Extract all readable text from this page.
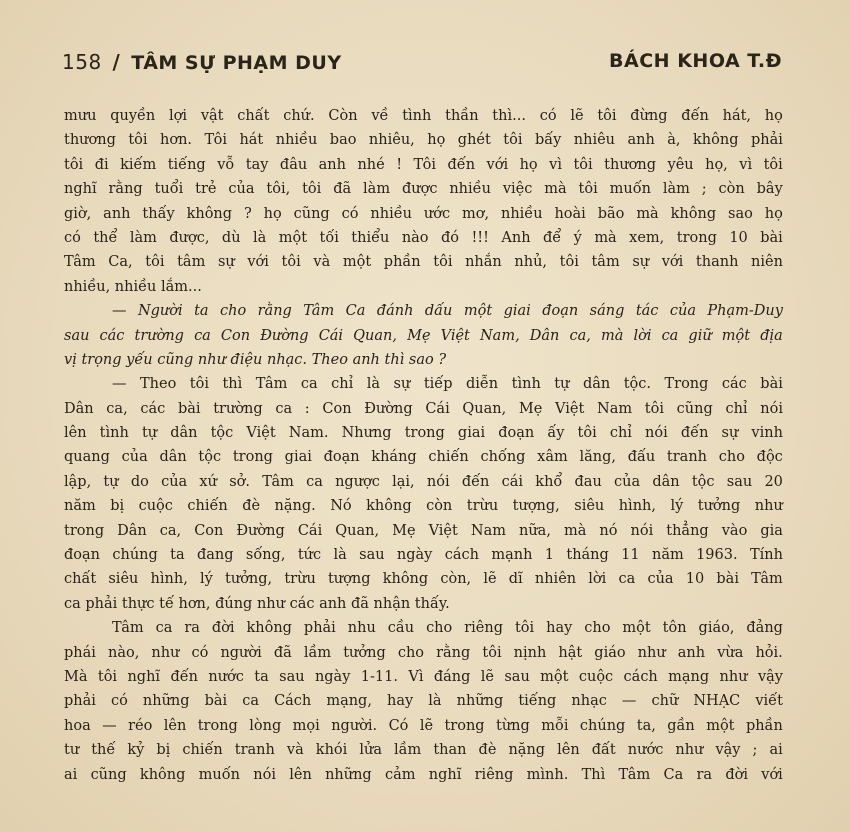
158 / TÂM SỰ PHẠM DUY	BÁCH KHOA T.Đ
mưu quyền lợi vật chất chứ. Còn về tình thần thì... có lẽ tôi đừng đến hát, họ
thương tôi hơn. Tôi hát nhiều bao nhiêu, họ ghét tôi bấy nhiêu anh à, không phải
tôi đi kiếm tiếng vỗ tay đâu anh nhé ! Tôi đến với họ vì tôi thương yêu họ, vì tôi
nghĩ rằng tuổi trẻ của tôi, tôi đã làm được nhiều việc mà tôi muốn làm ; còn bây
giờ, anh thấy không ? họ cũng có nhiều ước mơ, nhiều hoài bão mà không sao họ
có thể làm được, dù là một tối thiểu nào đó !!! Anh để ý mà xem, trong 10 bài
Tâm Ca, tôi tâm sự với tôi và một phần tôi nhắn nhủ, tôi tâm sự với thanh niên
nhiều, nhiều lắm...
— Người ta cho rằng Tâm Ca đánh dấu một giai đoạn sáng tác của Phạm-Duy
sau các trường ca Con Đường Cái Quan, Mẹ Việt Nam, Dân ca, mà lời ca giữ một địa
vị trọng yếu cũng như điệu nhạc. Theo anh thì sao ?
— Theo tôi thì Tâm ca chỉ là sự tiếp diễn tình tự dân tộc. Trong các bài
Dân ca, các bài trường ca : Con Đường Cái Quan, Mẹ Việt Nam tôi cũng chỉ nói
lên tình tự dân tộc Việt Nam. Nhưng trong giai đoạn ấy tôi chỉ nói đến sự vinh
quang của dân tộc trong giai đoạn kháng chiến chống xâm lăng, đấu tranh cho độc
lập, tự do của xứ sở. Tâm ca ngược lại, nói đến cái khổ đau của dân tộc sau 20
năm bị cuộc chiến đè nặng. Nó không còn trừu tượng, siêu hình, lý tưởng như
trong Dân ca, Con Đường Cái Quan, Mẹ Việt Nam nữa, mà nó nói thẳng vào gia
đoạn chúng ta đang sống, tức là sau ngày cách mạnh 1 tháng 11 năm 1963. Tính
chất siêu hình, lý tưởng, trừu tượng không còn, lẽ dĩ nhiên lời ca của 10 bài Tâm
ca phải thực tế hơn, đúng như các anh đã nhận thấy.
Tâm ca ra đời không phải nhu cầu cho riêng tôi hay cho một tôn giáo, đảng
phái nào, như có người đã lầm tưởng cho rằng tôi nịnh hật giáo như anh vừa hỏi.
Mà tôi nghĩ đến nước ta sau ngày 1-11. Vì đáng lẽ sau một cuộc cách mạng như vậy
phải có những bài ca Cách mạng, hay là những tiếng nhạc — chữ NHẠC viết
hoa — réo lên trong lòng mọi người. Có lẽ trong từng mỗi chúng ta, gần một phần
tư thế kỷ bị chiến tranh và khói lửa lầm than đè nặng lên đất nước như vậy ; ai
ai cũng không muốn nói lên những cảm nghĩ riêng mình. Thì Tâm Ca ra đời với
